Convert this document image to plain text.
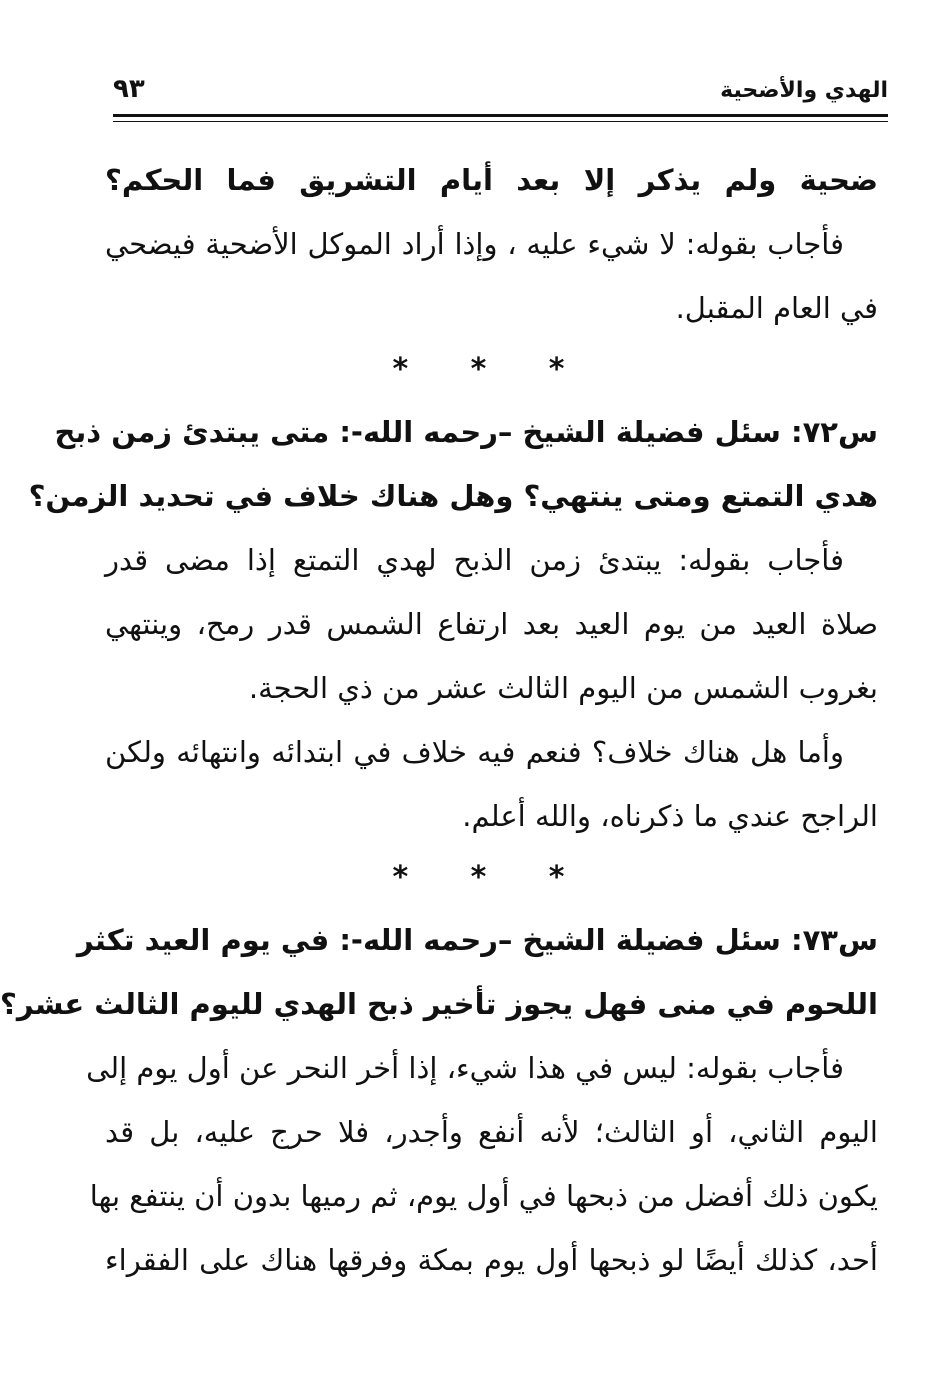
الهدي والأضحية
٩٣
ضحية ولم يذكر إلا بعد أيام التشريق فما الحكم؟
فأجاب بقوله: لا شيء عليه ، وإذا أراد الموكل الأضحية فيضحي
في العام المقبل.
* * *
س٧٢: سئل فضيلة الشيخ –رحمه الله-: متى يبتدئ زمن ذبح
هدي التمتع ومتى ينتهي؟ وهل هناك خلاف في تحديد الزمن؟
فأجاب بقوله: يبتدئ زمن الذبح لهدي التمتع إذا مضى قدر
صلاة العيد من يوم العيد بعد ارتفاع الشمس قدر رمح، وينتهي
بغروب الشمس من اليوم الثالث عشر من ذي الحجة.
وأما هل هناك خلاف؟ فنعم فيه خلاف في ابتدائه وانتهائه ولكن
الراجح عندي ما ذكرناه، والله أعلم.
* * *
س٧٣: سئل فضيلة الشيخ –رحمه الله-: في يوم العيد تكثر
اللحوم في منى فهل يجوز تأخير ذبح الهدي لليوم الثالث عشر؟
فأجاب بقوله: ليس في هذا شيء، إذا أخر النحر عن أول يوم إلى
اليوم الثاني، أو الثالث؛ لأنه أنفع وأجدر، فلا حرج عليه، بل قد
يكون ذلك أفضل من ذبحها في أول يوم، ثم رميها بدون أن ينتفع بها
أحد، كذلك أيضًا لو ذبحها أول يوم بمكة وفرقها هناك على الفقراء
